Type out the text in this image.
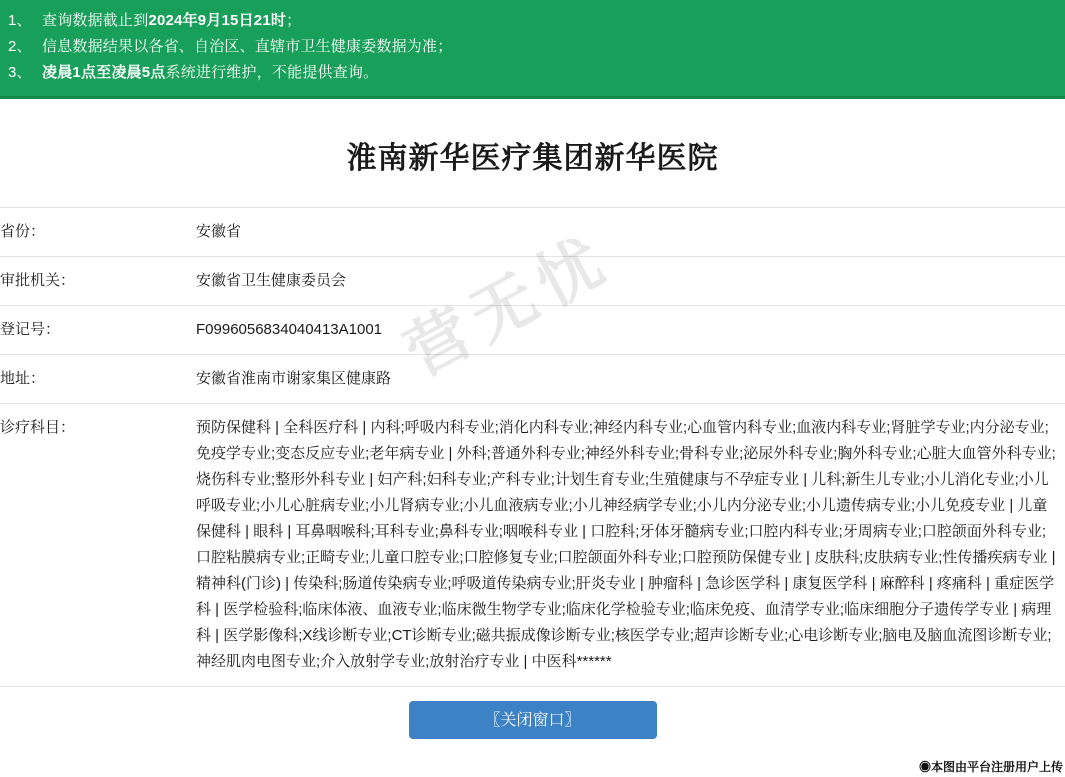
1、 查询数据截止到2024年9月15日21时；
2、 信息数据结果以各省、自治区、直辖市卫生健康委数据为准；
3、 凌晨1点至凌晨5点系统进行维护，不能提供查询。
淮南新华医疗集团新华医院
省份：	安徽省
审批机关：	安徽省卫生健康委员会
登记号：	F0996056834040413A1001
地址：	安徽省淮南市谢家集区健康路
诊疗科目：	预防保健科 | 全科医疗科 | 内科;呼吸内科专业;消化内科专业;神经内科专业;心血管内科专业;血液内科专业;肾脏学专业;内分泌专业;免疫学专业;变态反应专业;老年病专业 | 外科;普通外科专业;神经外科专业;骨科专业;泌尿外科专业;胸外科专业;心脏大血管外科专业;烧伤科专业;整形外科专业 | 妇产科;妇科专业;产科专业;计划生育专业;生殖健康与不孕症专业 | 儿科;新生儿专业;小儿消化专业;小儿呼吸专业;小儿心脏病专业;小儿肾病专业;小儿血液病专业;小儿神经病学专业;小儿内分泌专业;小儿遗传病专业;小儿免疫专业 | 儿童保健科 | 眼科 | 耳鼻咽喉科;耳科专业;鼻科专业;咽喉科专业 | 口腔科;牙体牙髓病专业;口腔内科专业;牙周病专业;口腔颌面外科专业;口腔粘膜病专业;正畸专业;儿童口腔专业;口腔修复专业;口腔颌面外科专业;口腔预防保健专业 | 皮肤科;皮肤病专业;性传播疾病专业 | 精神科(门诊) | 传染科;肠道传染病专业;呼吸道传染病专业;肝炎专业 | 肿瘤科 | 急诊医学科 | 康复医学科 | 麻醉科 | 疼痛科 | 重症医学科 | 医学检验科;临床体液、血液专业;临床微生物学专业;临床化学检验专业;临床免疫、血清学专业;临床细胞分子遗传学专业 | 病理科 | 医学影像科;X线诊断专业;CT诊断专业;磁共振成像诊断专业;核医学专业;超声诊断专业;心电诊断专业;脑电及脑血流图诊断专业;神经肌肉电图专业;介入放射学专业;放射治疗专业 | 中医科******
〖关闭窗口〗
营无忧
◉本图由平台注册用户上传
